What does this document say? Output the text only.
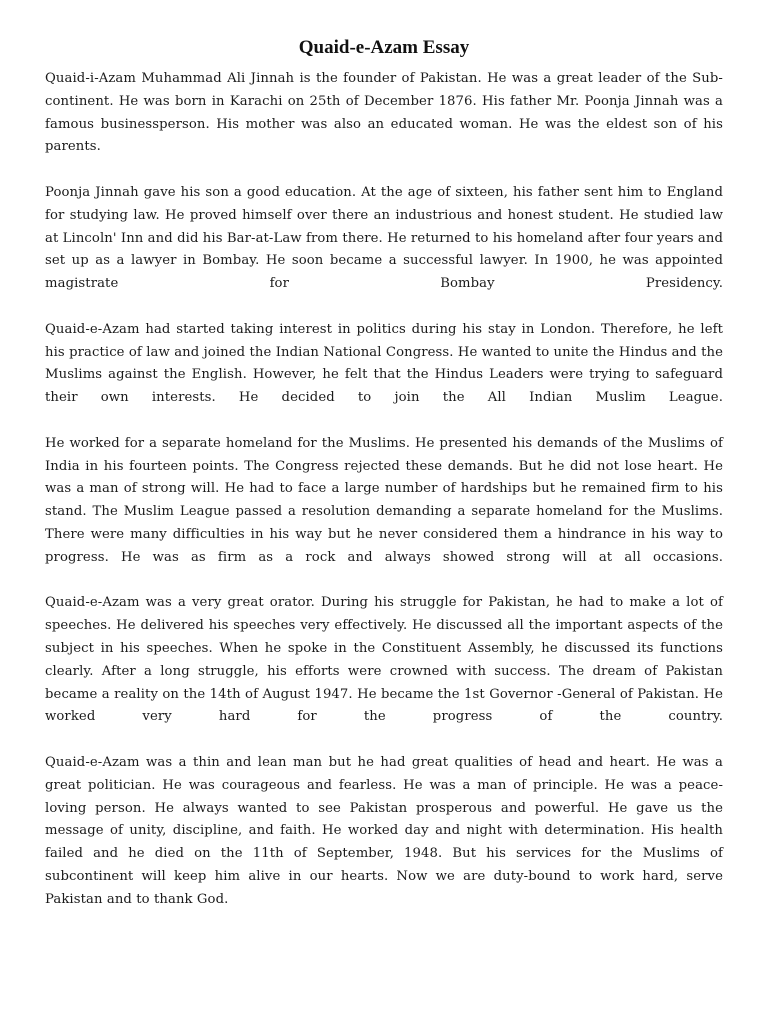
Quaid-e-Azam Essay

Quaid-i-Azam Muhammad Ali Jinnah is the founder of Pakistan. He was a great leader of the Sub-continent. He was born in Karachi on 25th of December 1876. His father Mr. Poonja Jinnah was a famous businessperson. His mother was also an educated woman. He was the eldest son of his parents.

Poonja Jinnah gave his son a good education. At the age of sixteen, his father sent him to England for studying law. He proved himself over there an industrious and honest student. He studied law at Lincoln' Inn and did his Bar-at-Law from there. He returned to his homeland after four years and set up as a lawyer in Bombay. He soon became a successful lawyer. In 1900, he was appointed magistrate for Bombay Presidency.

Quaid-e-Azam had started taking interest in politics during his stay in London. Therefore, he left his practice of law and joined the Indian National Congress. He wanted to unite the Hindus and the Muslims against the English. However, he felt that the Hindus Leaders were trying to safeguard their own interests. He decided to join the All Indian Muslim League.

He worked for a separate homeland for the Muslims. He presented his demands of the Muslims of India in his fourteen points. The Congress rejected these demands. But he did not lose heart. He was a man of strong will. He had to face a large number of hardships but he remained firm to his stand. The Muslim League passed a resolution demanding a separate homeland for the Muslims. There were many difficulties in his way but he never considered them a hindrance in his way to progress. He was as firm as a rock and always showed strong will at all occasions.

Quaid-e-Azam was a very great orator. During his struggle for Pakistan, he had to make a lot of speeches. He delivered his speeches very effectively. He discussed all the important aspects of the subject in his speeches. When he spoke in the Constituent Assembly, he discussed its functions clearly. After a long struggle, his efforts were crowned with success. The dream of Pakistan became a reality on the 14th of August 1947. He became the 1st Governor -General of Pakistan. He worked very hard for the progress of the country.

Quaid-e-Azam was a thin and lean man but he had great qualities of head and heart. He was a great politician. He was courageous and fearless. He was a man of principle. He was a peace-loving person. He always wanted to see Pakistan prosperous and powerful. He gave us the message of unity, discipline, and faith. He worked day and night with determination. His health failed and he died on the 11th of September, 1948. But his services for the Muslims of subcontinent will keep him alive in our hearts. Now we are duty-bound to work hard, serve Pakistan and to thank God.
